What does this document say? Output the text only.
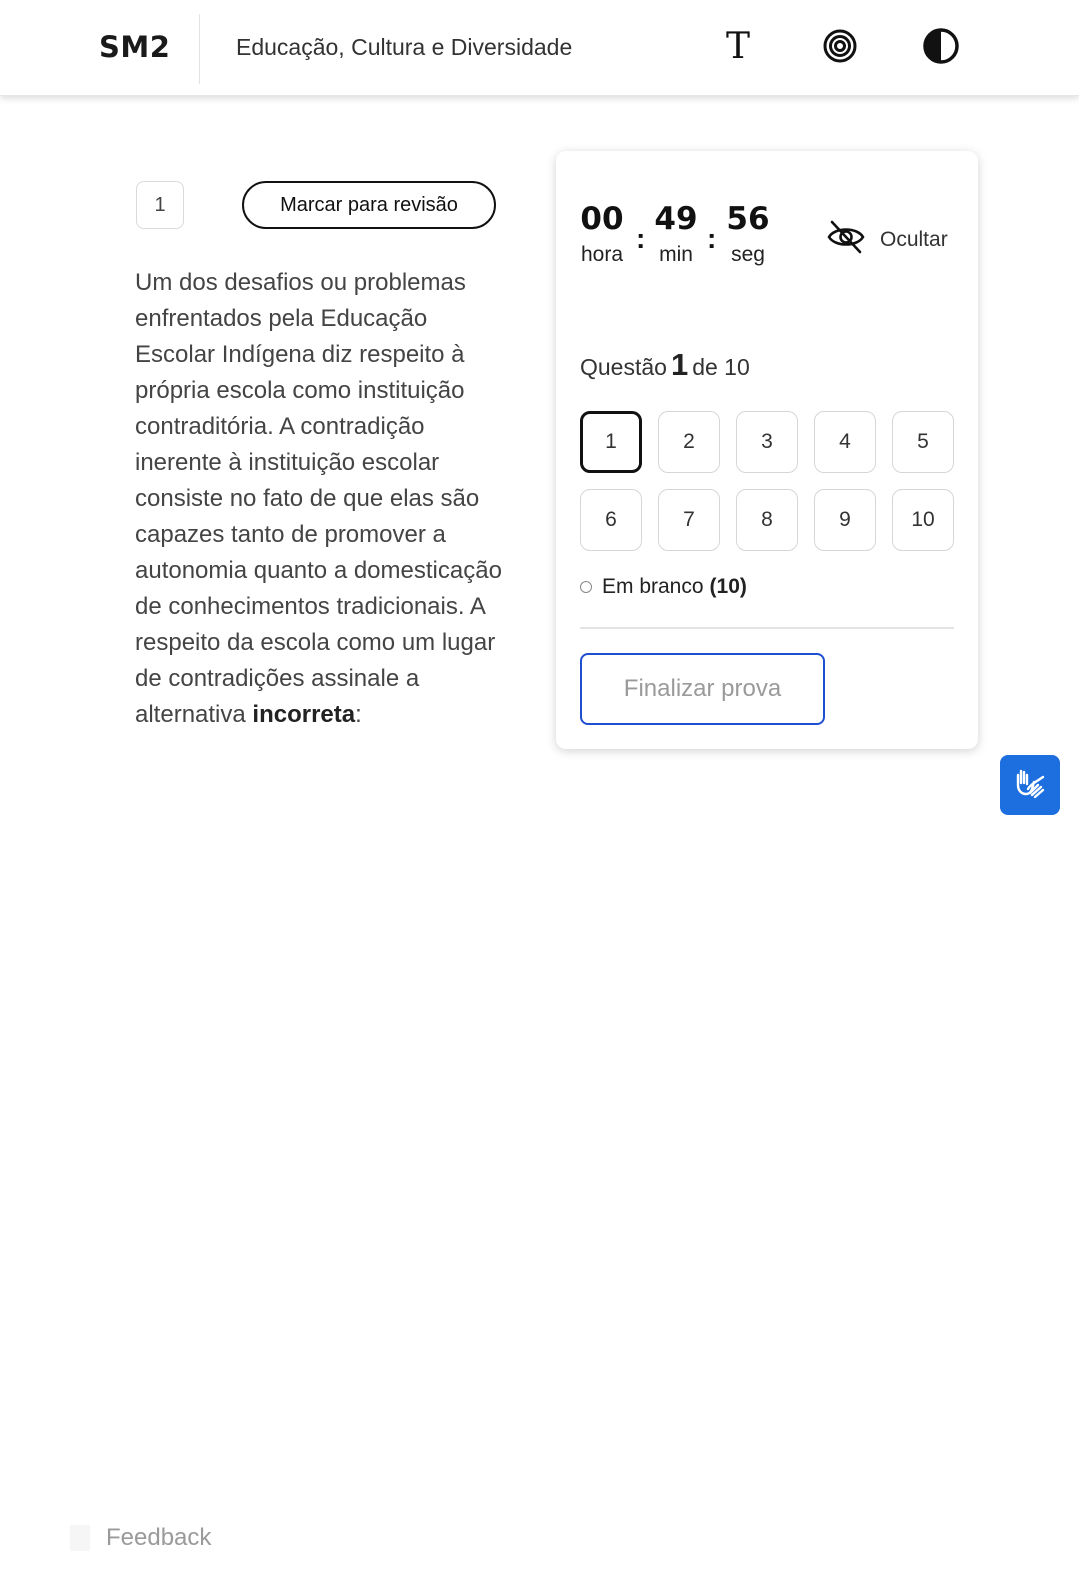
SM2	Educação, Cultura e Diversidade	T
1	Marcar para revisão
Um dos desafios ou problemas enfrentados pela Educação Escolar Indígena diz respeito à própria escola como instituição contraditória. A contradição inerente à instituição escolar consiste no fato de que elas são capazes tanto de promover a autonomia quanto a domesticação de conhecimentos tradicionais. A respeito da escola como um lugar de contradições assinale a alternativa incorreta:
00
hora
:
49
min
:
56
seg
Ocultar
Questão 1 de 10
1	2	3	4	5
6	7	8	9	10
Em branco (10)
Finalizar prova
Feedback
